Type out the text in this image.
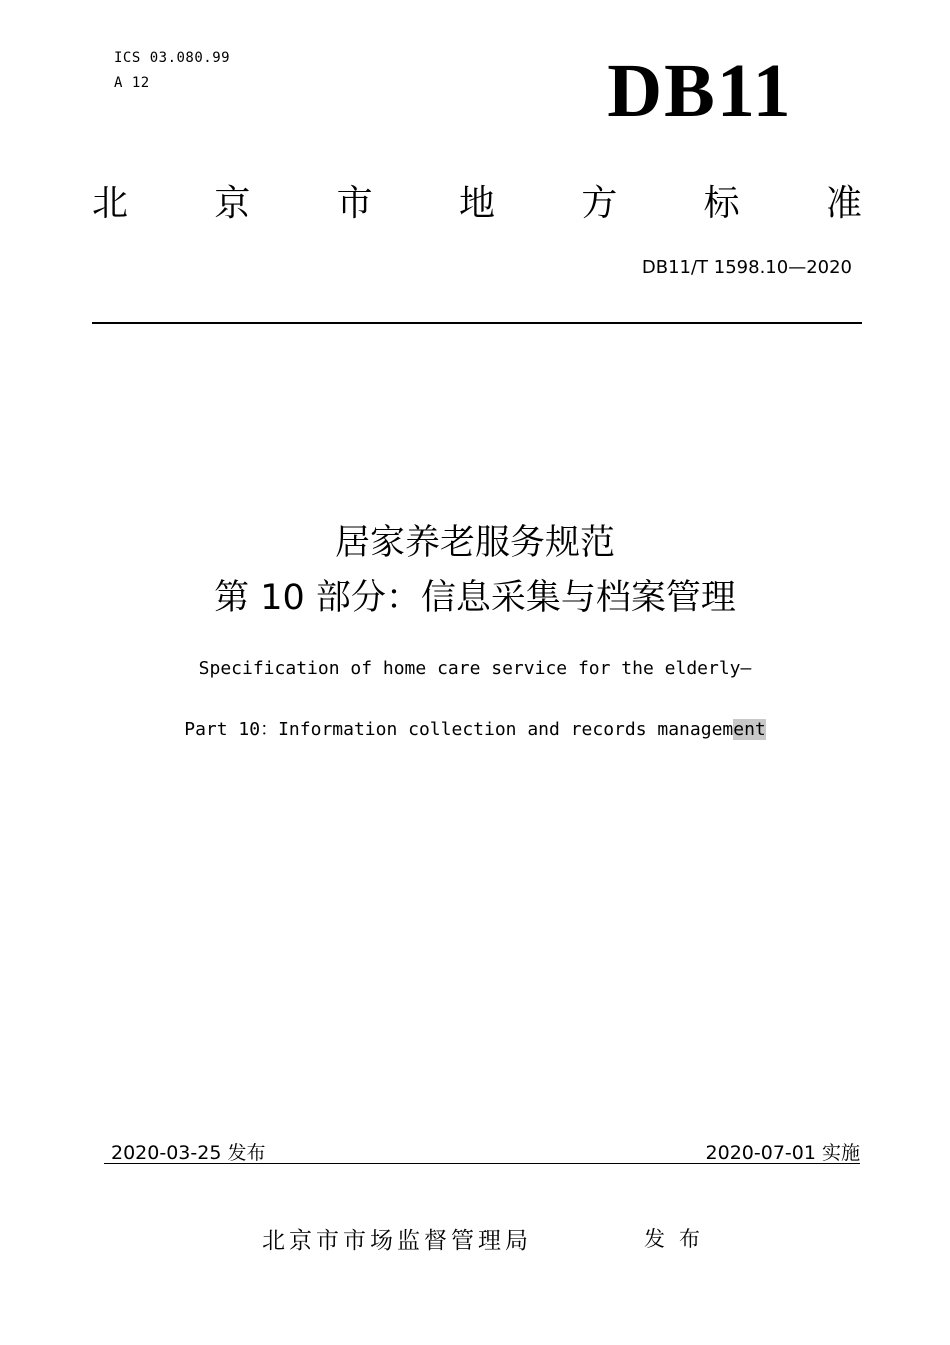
ICS 03.080.99
A 12	DB11
北 京 市 地 方 标 准
DB11/T 1598.10—2020
居家养老服务规范
第 10 部分：信息采集与档案管理
Specification of home care service for the elderly—
Part 10：Information collection and records management
2020-03-25 发布	2020-07-01 实施
北京市市场监督管理局	发布
